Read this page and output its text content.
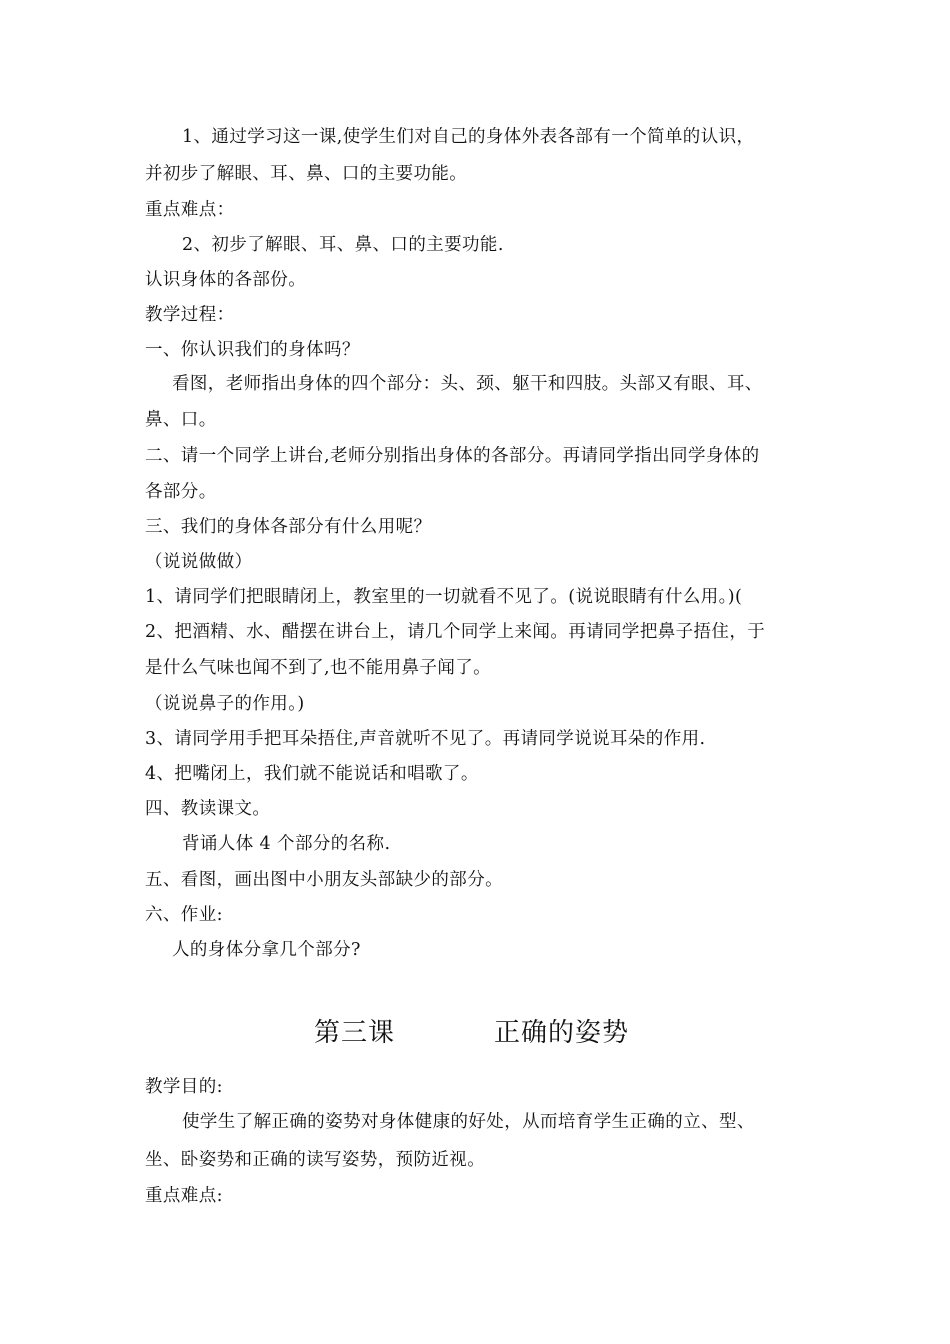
1、通过学习这一课,使学生们对自己的身体外表各部有一个简单的认识，
并初步了解眼、耳、鼻、口的主要功能。
重点难点：
2、初步了解眼、耳、鼻、口的主要功能.
认识身体的各部份。
教学过程：
一、你认识我们的身体吗？
看图，老师指出身体的四个部分：头、颈、躯干和四肢。头部又有眼、耳、
鼻、口。
二、请一个同学上讲台,老师分别指出身体的各部分。再请同学指出同学身体的
各部分。
三、我们的身体各部分有什么用呢？
（说说做做）
1、请同学们把眼睛闭上，教室里的一切就看不见了。(说说眼睛有什么用。)(
2、把酒精、水、醋摆在讲台上，请几个同学上来闻。再请同学把鼻子捂住，于
是什么气味也闻不到了,也不能用鼻子闻了。
（说说鼻子的作用。)
3、请同学用手把耳朵捂住,声音就听不见了。再请同学说说耳朵的作用.
4、把嘴闭上，我们就不能说话和唱歌了。
四、教读课文。
背诵人体 4 个部分的名称.
五、看图，画出图中小朋友头部缺少的部分。
六、作业:
人的身体分拿几个部分?
第三课	正确的姿势
教学目的:
使学生了解正确的姿势对身体健康的好处，从而培育学生正确的立、型、
坐、卧姿势和正确的读写姿势，预防近视。
重点难点:
